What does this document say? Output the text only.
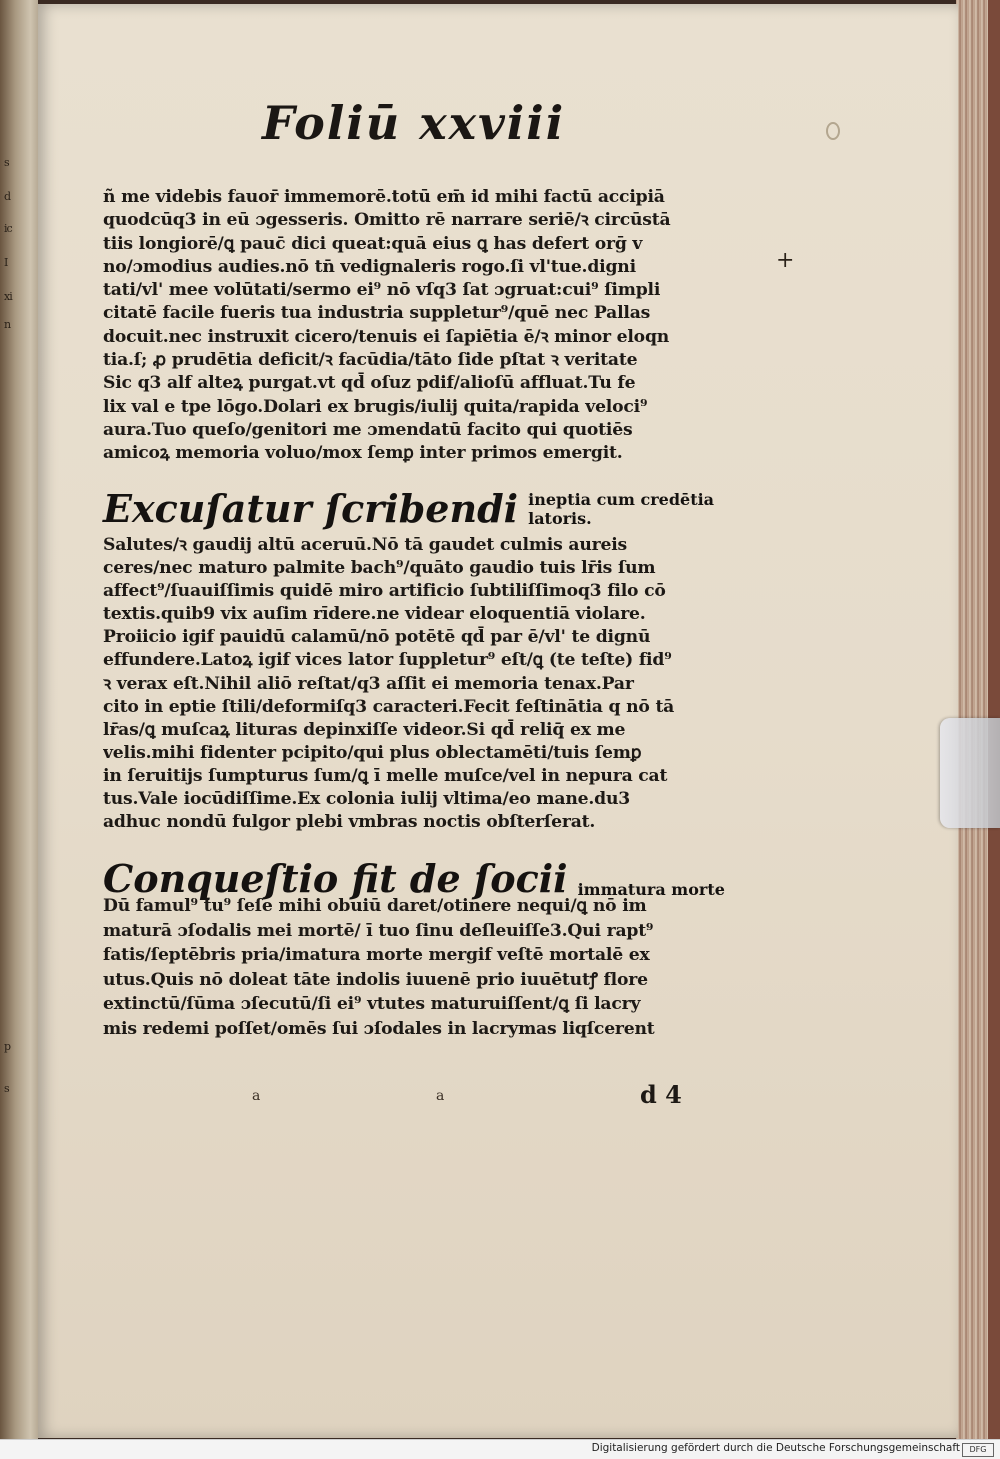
s
d
ic
I
xi
n
p
s
+
Foliū xxviii

ñ me videbis fauor̄ immemorē.totū em̄ id mihi factū accipiā

quodcūq3 in eū ɔgesseris. Omitto rē narrare seriē/ꝛ circūstā

tiis longiorē/ꝗ pauc̄ dici queat:quā eius ꝗ has defert orḡ v

no/ɔmodius audies.nō tn̄ vedignaleris rogo.ſi vl'tue.digni

tati/vl' mee volūtati/sermo ei⁹ nō vſq3 ſat ɔgruat:cui⁹ ſimpli

citatē facile fueris tua industria suppletur⁹/quē nec Pallas

docuit.nec instruxit cicero/tenuis ei ſapiētia ē/ꝛ minor eloqn

tia.ſ; ꝓ prudētia deficit/ꝛ facūdia/tāto ſide pſtat ꝛ veritate

Sic q3 alf alteꝝ purgat.vt qd̄ oſuz pdif/alioſū affluat.Tu fe

lix val e tpe lōgo.Dolari ex brugis/iulij quita/rapida veloci⁹

aura.Tuo queſo/genitori me ɔmendatū facito qui quotiēs

amicoꝝ memoria voluo/mox ſemꝑ inter primos emergit.

Excuſatur ſcribendi ineptia cum credētia latoris.

Salutes/ꝛ gaudij altū aceruū.Nō tā gaudet culmis aureis

ceres/nec maturo palmite bach⁹/quāto gaudio tuis lr̄is ſum

affect⁹/ſuauiſſimis quidē miro artificio ſubtiliſſimoq3 filo cō

textis.quib9 vix auſim rīdere.ne videar eloquentiā violare.

Proiicio igif pauidū calamū/nō potētē qd̄ par ē/vl' te dignū

effundere.Latoꝝ igif vices lator ſuppletur⁹ eſt/ꝗ (te teſte) fid⁹

ꝛ verax eſt.Nihil aliō reſtat/q3 aſſit ei memoria tenax.Par

cito in eptie ſtili/deformiſq3 caracteri.Fecit feſtinātia q nō tā

lr̄as/ꝗ muſcaꝝ lituras depinxiſſe videor.Si qd̄ reliq̄ ex me

velis.mihi fidenter pcipito/qui plus oblectamēti/tuis ſemꝑ

in ſeruitijs ſumpturus ſum/ꝗ ī melle muſce/vel in nepura cat

tus.Vale iocūdiſſime.Ex colonia iulij vltima/eo mane.du3

adhuc nondū fulgor plebi vmbras noctis obſterſerat.

Conqueſtio fit de ſocii immatura morte

Dū famul⁹ tu⁹ ſeſe mihi obuiū daret/otinere nequi/ꝗ nō im

maturā ɔſodalis mei mortē/ ī tuo ſinu deſleuiſſe3.Qui rapt⁹

fatis/ſeptēbris pria/imatura morte mergif veſtē mortalē ex

utus.Quis nō doleat tāte indolis iuuenē prio iuuētutꝭ flore

extinctū/ſūma ɔſecutū/ſi ei⁹ vtutes maturuiſſent/ꝗ ſi lacry

mis redemi poſſet/omēs ſui ɔſodales in lacrymas liqſcerent

a	a	d 4
Digitalisierung gefördert durch die Deutsche Forschungsgemeinschaft	DFG
